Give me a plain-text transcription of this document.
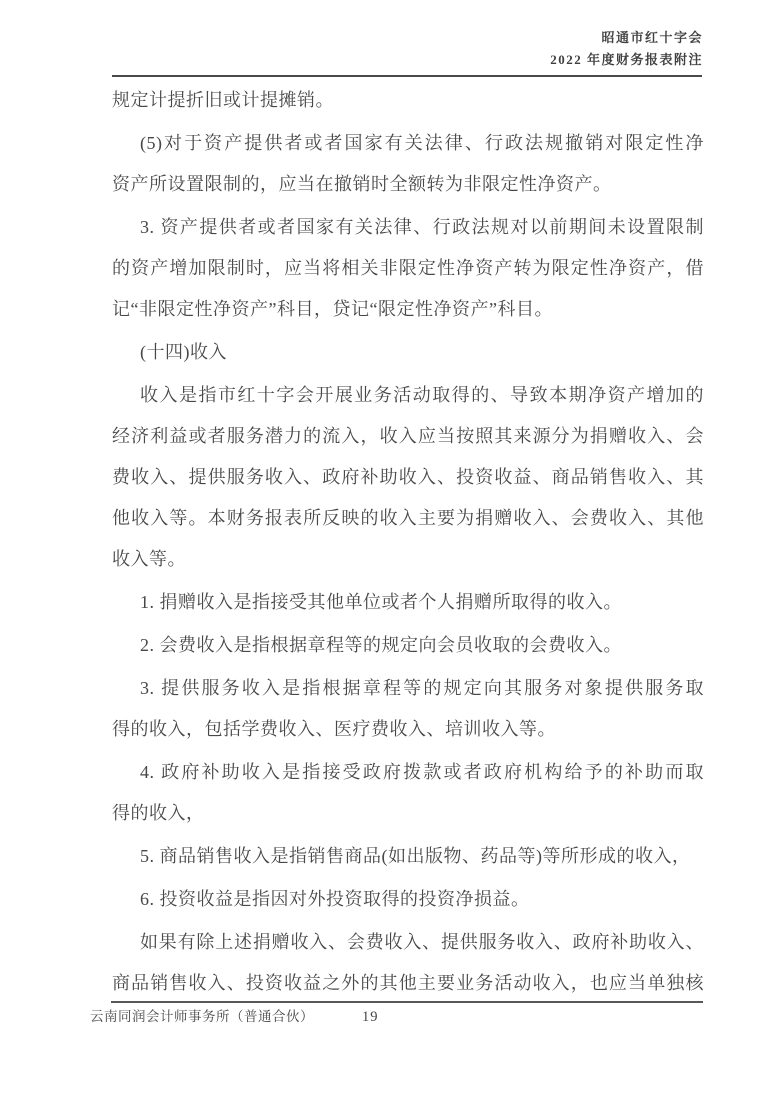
昭通市红十字会
2022 年度财务报表附注
规定计提折旧或计提摊销。
(5)对于资产提供者或者国家有关法律、行政法规撤销对限定性净
资产所设置限制的，应当在撤销时全额转为非限定性净资产。
3. 资产提供者或者国家有关法律、行政法规对以前期间未设置限制
的资产增加限制时，应当将相关非限定性净资产转为限定性净资产，借
记“非限定性净资产”科目，贷记“限定性净资产”科目。
(十四)收入
收入是指市红十字会开展业务活动取得的、导致本期净资产增加的
经济利益或者服务潜力的流入，收入应当按照其来源分为捐赠收入、会
费收入、提供服务收入、政府补助收入、投资收益、商品销售收入、其
他收入等。本财务报表所反映的收入主要为捐赠收入、会费收入、其他
收入等。
1. 捐赠收入是指接受其他单位或者个人捐赠所取得的收入。
2. 会费收入是指根据章程等的规定向会员收取的会费收入。
3. 提供服务收入是指根据章程等的规定向其服务对象提供服务取
得的收入，包括学费收入、医疗费收入、培训收入等。
4. 政府补助收入是指接受政府拨款或者政府机构给予的补助而取
得的收入，
5. 商品销售收入是指销售商品(如出版物、药品等)等所形成的收入，
6. 投资收益是指因对外投资取得的投资净损益。
如果有除上述捐赠收入、会费收入、提供服务收入、政府补助收入、
商品销售收入、投资收益之外的其他主要业务活动收入，也应当单独核
云南同润会计师事务所（普通合伙）	19
